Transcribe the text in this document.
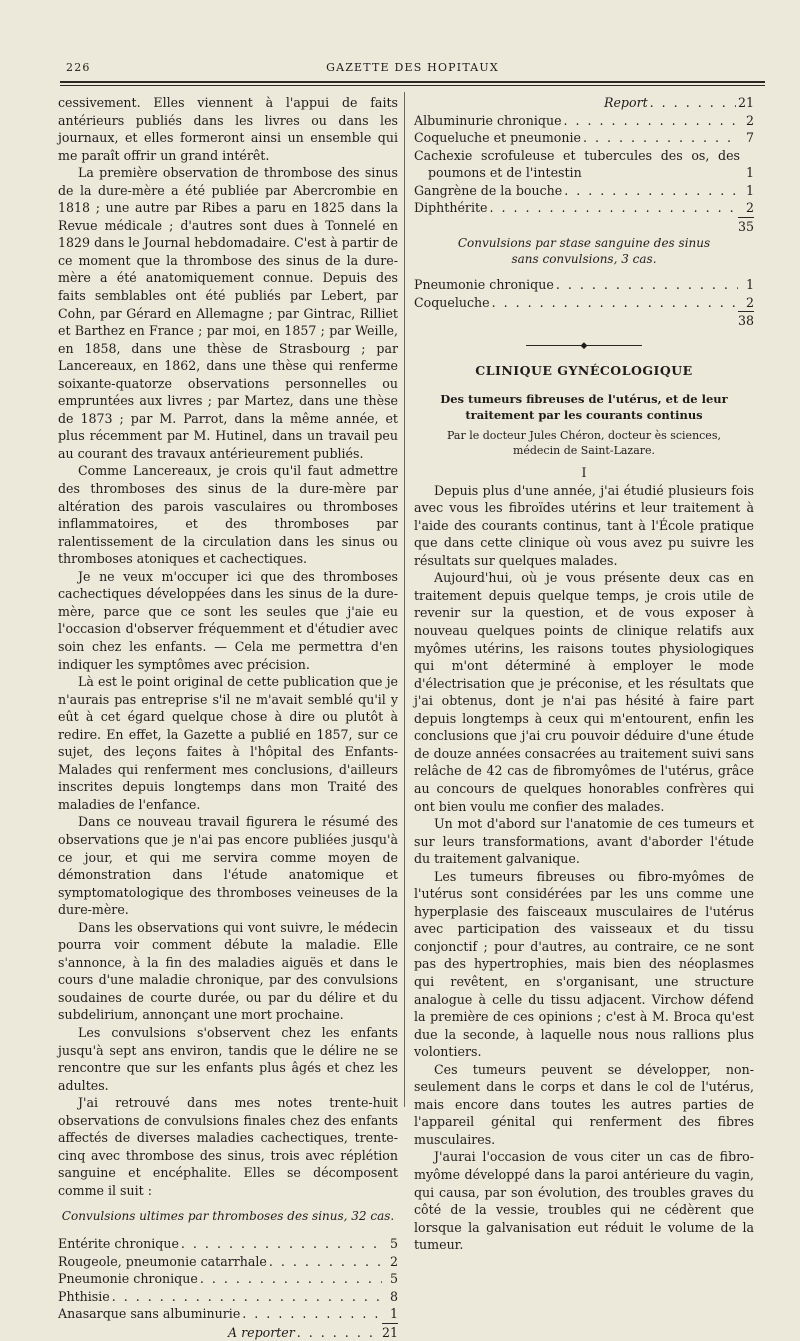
226	GAZETTE DES HOPITAUX

cessivement. Elles viennent à l'appui de faits antérieurs publiés dans les livres ou dans les journaux, et elles formeront ainsi un ensemble qui me paraît offrir un grand intérêt.

La première observation de thrombose des sinus de la dure-mère a été publiée par Abercrombie en 1818 ; une autre par Ribes a paru en 1825 dans la Revue médicale ; d'autres sont dues à Tonnelé en 1829 dans le Journal hebdomadaire. C'est à partir de ce moment que la thrombose des sinus de la dure-mère a été anatomiquement connue. Depuis des faits semblables ont été publiés par Lebert, par Cohn, par Gérard en Allemagne ; par Gintrac, Rilliet et Barthez en France ; par moi, en 1857 ; par Weille, en 1858, dans une thèse de Strasbourg ; par Lancereaux, en 1862, dans une thèse qui renferme soixante-quatorze observations personnelles ou empruntées aux livres ; par Martez, dans une thèse de 1873 ; par M. Parrot, dans la même année, et plus récemment par M. Hutinel, dans un travail peu au courant des travaux antérieurement publiés.

Comme Lancereaux, je crois qu'il faut admettre des thromboses des sinus de la dure-mère par altération des parois vasculaires ou thromboses inflammatoires, et des thromboses par ralentissement de la circulation dans les sinus ou thromboses atoniques et cachectiques.

Je ne veux m'occuper ici que des thromboses cachectiques développées dans les sinus de la dure-mère, parce que ce sont les seules que j'aie eu l'occasion d'observer fréquemment et d'étudier avec soin chez les enfants. — Cela me permettra d'en indiquer les symptômes avec précision.

Là est le point original de cette publication que je n'aurais pas entreprise s'il ne m'avait semblé qu'il y eût à cet égard quelque chose à dire ou plutôt à redire. En effet, la Gazette a publié en 1857, sur ce sujet, des leçons faites à l'hôpital des Enfants-Malades qui renferment mes conclusions, d'ailleurs inscrites depuis longtemps dans mon Traité des maladies de l'enfance.

Dans ce nouveau travail figurera le résumé des observations que je n'ai pas encore publiées jusqu'à ce jour, et qui me servira comme moyen de démonstration dans l'étude anatomique et symptomatologique des thromboses veineuses de la dure-mère.

Dans les observations qui vont suivre, le médecin pourra voir comment débute la maladie. Elle s'annonce, à la fin des maladies aiguës et dans le cours d'une maladie chronique, par des convulsions soudaines de courte durée, ou par du délire et du subdelirium, annonçant une mort prochaine.

Les convulsions s'observent chez les enfants jusqu'à sept ans environ, tandis que le délire ne se rencontre que sur les enfants plus âgés et chez les adultes.

J'ai retrouvé dans mes notes trente-huit observations de convulsions finales chez des enfants affectés de diverses maladies cachectiques, trente-cinq avec thrombose des sinus, trois avec réplétion sanguine et encéphalite. Elles se décomposent comme il suit :

Convulsions ultimes par thromboses des sinus, 32 cas.

Entérite chronique . . .	5
Rougeole, pneumonie catarrhale . . .	2
Pneumonie chronique . . .	5
Phthisie . . .	8
Anasarque sans albuminurie . . .	1
A reporter . . .	21
Report . . .	21
Albuminurie chronique . . .	2
Coqueluche et pneumonie . . .	7
Cachexie scrofuleuse et tubercules des os, des poumons et de l'intestin	1
Gangrène de la bouche . . .	1
Diphthérite . . .	2
35

Convulsions par stase sanguine des sinus sans convulsions, 3 cas.

Pneumonie chronique . . .	1
Coqueluche . . .	2
38
◆
CLINIQUE GYNÉCOLOGIQUE
Des tumeurs fibreuses de l'utérus, et de leur traitement par les courants continus
Par le docteur Jules Chéron, docteur ès sciences,
médecin de Saint-Lazare.
I

Depuis plus d'une année, j'ai étudié plusieurs fois avec vous les fibroïdes utérins et leur traitement à l'aide des courants continus, tant à l'École pratique que dans cette clinique où vous avez pu suivre les résultats sur quelques malades.

Aujourd'hui, où je vous présente deux cas en traitement depuis quelque temps, je crois utile de revenir sur la question, et de vous exposer à nouveau quelques points de clinique relatifs aux myômes utérins, les raisons toutes physiologiques qui m'ont déterminé à employer le mode d'électrisation que je préconise, et les résultats que j'ai obtenus, dont je n'ai pas hésité à faire part depuis longtemps à ceux qui m'entourent, enfin les conclusions que j'ai cru pouvoir déduire d'une étude de douze années consacrées au traitement suivi sans relâche de 42 cas de fibromyômes de l'utérus, grâce au concours de quelques honorables confrères qui ont bien voulu me confier des malades.

Un mot d'abord sur l'anatomie de ces tumeurs et sur leurs transformations, avant d'aborder l'étude du traitement galvanique.

Les tumeurs fibreuses ou fibro-myômes de l'utérus sont considérées par les uns comme une hyperplasie des faisceaux musculaires de l'utérus avec participation des vaisseaux et du tissu conjonctif ; pour d'autres, au contraire, ce ne sont pas des hypertrophies, mais bien des néoplasmes qui revêtent, en s'organisant, une structure analogue à celle du tissu adjacent. Virchow défend la première de ces opinions ; c'est à M. Broca qu'est due la seconde, à laquelle nous nous rallions plus volontiers.

Ces tumeurs peuvent se développer, non-seulement dans le corps et dans le col de l'utérus, mais encore dans toutes les autres parties de l'appareil génital qui renferment des fibres musculaires.

J'aurai l'occasion de vous citer un cas de fibro-myôme développé dans la paroi antérieure du vagin, qui causa, par son évolution, des troubles graves du côté de la vessie, troubles qui ne cédèrent que lorsque la galvanisation eut réduit le volume de la tumeur.
